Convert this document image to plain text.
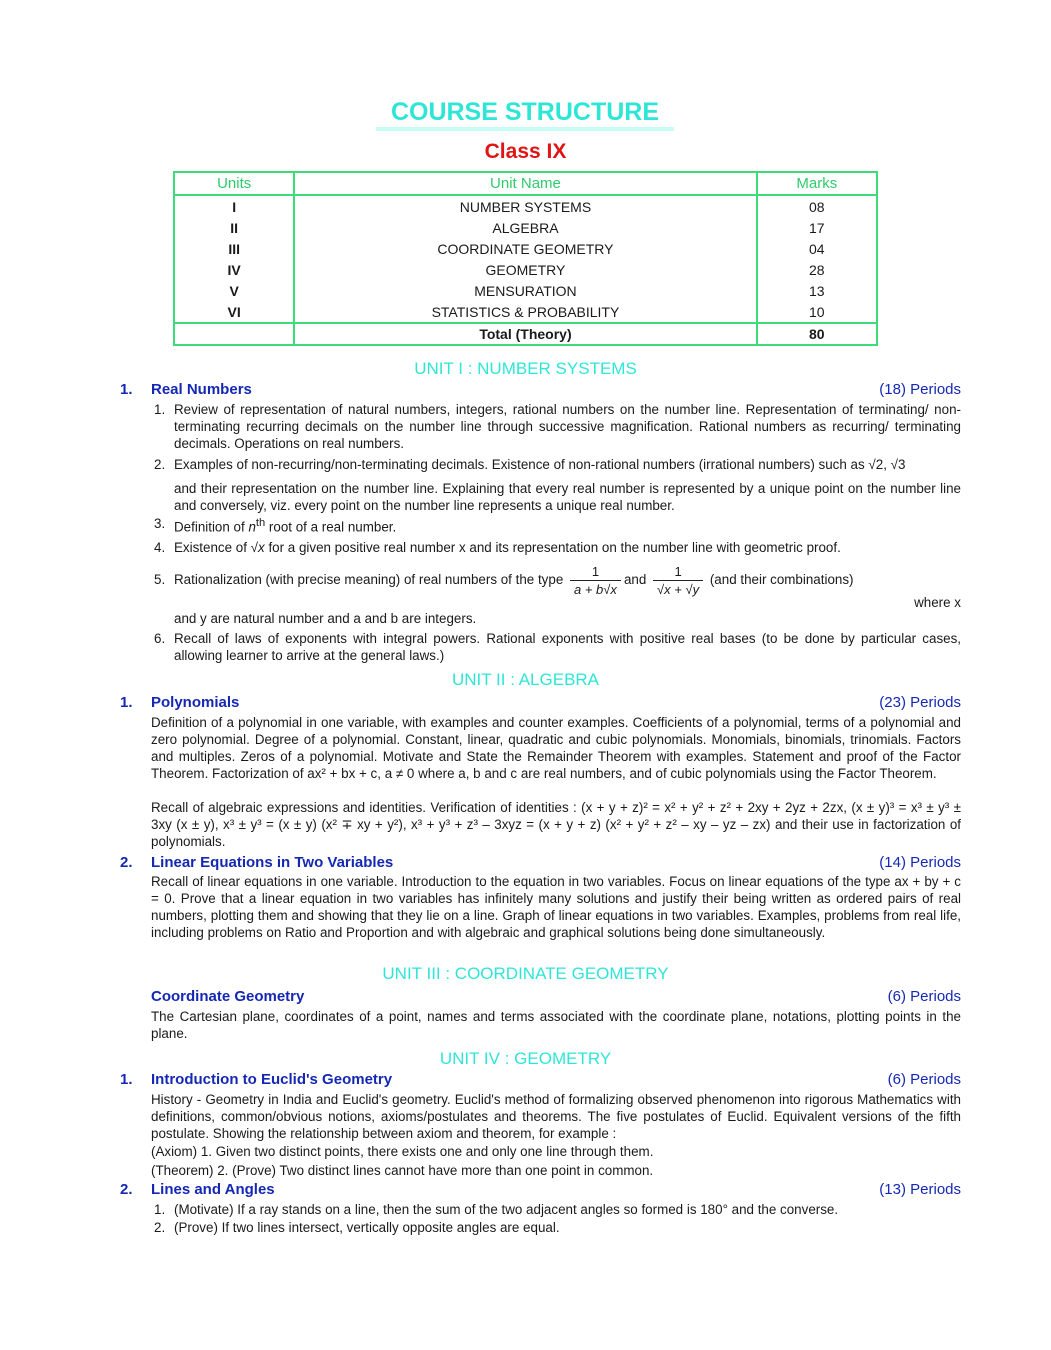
COURSE STRUCTURE
Class IX
Units	Unit Name	Marks
I	NUMBER SYSTEMS	08
II	ALGEBRA	17
III	COORDINATE GEOMETRY	04
IV	GEOMETRY	28
V	MENSURATION	13
VI	STATISTICS & PROBABILITY	10
	Total (Theory)	80
UNIT I : NUMBER SYSTEMS
1. Real Numbers	(18) Periods
1. Review of representation of natural numbers, integers, rational numbers on the number line. Representation of terminating/ non-terminating recurring decimals on the number line through successive magnification. Rational numbers as recurring/ terminating decimals. Operations on real numbers.
2. Examples of non-recurring/non-terminating decimals. Existence of non-rational numbers (irrational numbers) such as √2, √3
and their representation on the number line. Explaining that every real number is represented by a unique point on the number line and conversely, viz. every point on the number line represents a unique real number.
3. Definition of $n^{th}$ root of a real number.
4. Existence of √x for a given positive real number x and its representation on the number line with geometric proof.
5. Rationalization (with precise meaning) of real numbers of the type $\frac{1}{a + b√x}$ and $\frac{1}{√x + √y} (and$ their combinations)
where x
and y are natural number and a and b are integers.
6. Recall of laws of exponents with integral powers. Rational exponents with positive real bases (to be done by particular cases, allowing learner to arrive at the general laws.)
UNIT II : ALGEBRA
1. Polynomials	(23) Periods
Definition of a polynomial in one variable, with examples and counter examples. Coefficients of a polynomial, terms of a polynomial and zero polynomial. Degree of a polynomial. Constant, linear, quadratic and cubic polynomials. Monomials, binomials, trinomials. Factors and multiples. Zeros of a polynomial. Motivate and State the Remainder Theorem with examples. Statement and proof of the Factor Theorem. Factorization of ax² + bx + c, a ≠ 0 where a, b and c are real numbers, and of cubic polynomials using the Factor Theorem.
Recall of algebraic expressions and identities. Verification of identities : (x + y + z)² = x² + y² + z² + 2xy + 2yz + 2zx, (x ± y)³ = x³ ± y³ ± 3xy (x ± y), x³ ± y³ = (x ± y) (x² ∓ xy + y²), x³ + y³ + z³ – 3xyz = (x + y + z) (x² + y² + z² – xy – yz – zx) and their use in factorization of polynomials.
2. Linear Equations in Two Variables	(14) Periods
Recall of linear equations in one variable. Introduction to the equation in two variables. Focus on linear equations of the type ax + by + c = 0. Prove that a linear equation in two variables has infinitely many solutions and justify their being written as ordered pairs of real numbers, plotting them and showing that they lie on a line. Graph of linear equations in two variables. Examples, problems from real life, including problems on Ratio and Proportion and with algebraic and graphical solutions being done simultaneously.
UNIT III : COORDINATE GEOMETRY
Coordinate Geometry	(6) Periods
The Cartesian plane, coordinates of a point, names and terms associated with the coordinate plane, notations, plotting points in the plane.
UNIT IV : GEOMETRY
1. Introduction to Euclid's Geometry	(6) Periods
History - Geometry in India and Euclid's geometry. Euclid's method of formalizing observed phenomenon into rigorous Mathematics with definitions, common/obvious notions, axioms/postulates and theorems. The five postulates of Euclid. Equivalent versions of the fifth postulate. Showing the relationship between axiom and theorem, for example :
(Axiom) 1. Given two distinct points, there exists one and only one line through them.
(Theorem) 2. (Prove) Two distinct lines cannot have more than one point in common.
2. Lines and Angles	(13) Periods
1. (Motivate) If a ray stands on a line, then the sum of the two adjacent angles so formed is 180° and the converse.
2. (Prove) If two lines intersect, vertically opposite angles are equal.
